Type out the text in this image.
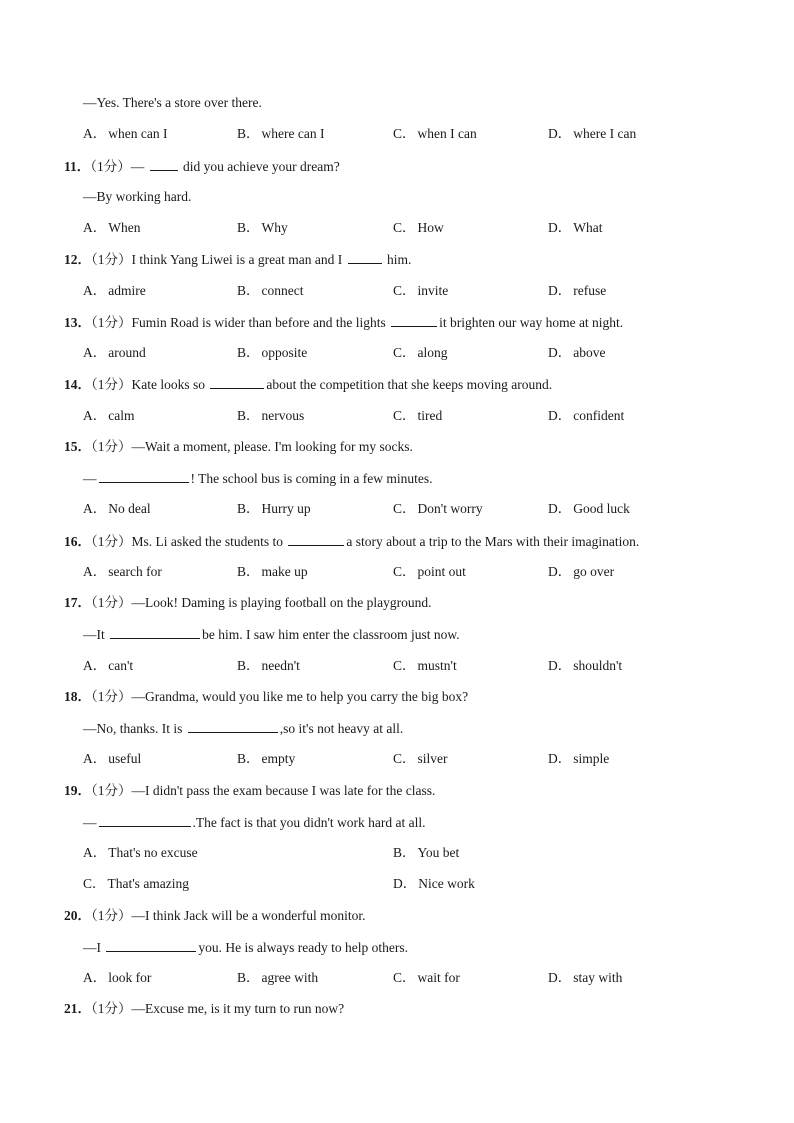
—Yes. There's a store over there.
A． when can I	B． where can I	C． when I can	D． where I can
11．（1分）—  did you achieve your dream?
—By working hard.
A． When	B． Why	C． How	D． What
12．（1分）I think Yang Liwei is a great man and I	him.
A． admire	B． connect	C． invite	D． refuse
13．（1分）Fumin Road is wider than before and the lights	it brighten our way home at night.
A． around	B． opposite	C． along	D． above
14．（1分）Kate looks so	about the competition that she keeps moving around.
A． calm	B． nervous	C． tired	D． confident
15．（1分）—Wait a moment, please. I'm looking for my socks.
—	! The school bus is coming in a few minutes.
A． No deal	B． Hurry up	C． Don't worry	D． Good luck
16．（1分）Ms. Li asked the students to	a story about a trip to the Mars with their imagination.
A． search for	B． make up	C． point out	D． go over
17．（1分）—Look! Daming is playing football on the playground.
—It	be him. I saw him enter the classroom just now.
A． can't	B． needn't	C． mustn't	D． shouldn't
18．（1分）—Grandma, would you like me to help you carry the big box?
—No, thanks. It is	,so it's not heavy at all.
A． useful	B． empty	C． silver	D． simple
19．（1分）—I didn't pass the exam because I was late for the class.
—	.The fact is that you didn't work hard at all.
A． That's no excuse	B． You bet
C． That's amazing	D． Nice work
20．（1分）—I think Jack will be a wonderful monitor.
—I	you. He is always ready to help others.
A． look for	B． agree with	C． wait for	D． stay with
21．（1分）—Excuse me, is it my turn to run now?
